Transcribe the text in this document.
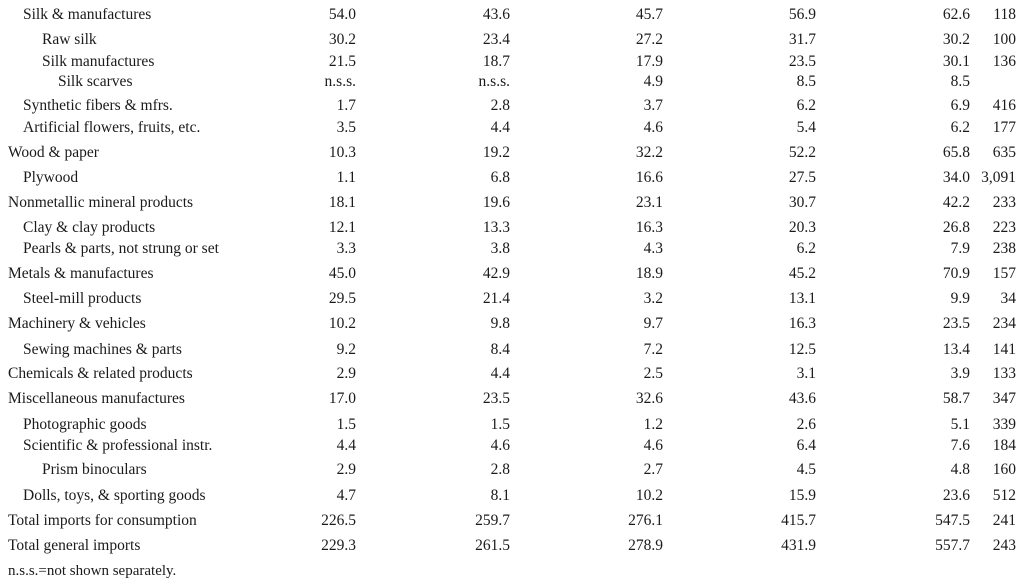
Silk & manufactures	54.0	43.6	45.7	56.9	62.6 118
Raw silk	30.2	23.4	27.2	31.7	30.2 100
Silk manufactures	21.5	18.7	17.9	23.5	30.1 136
Silk scarves	n.s.s.	n.s.s.	4.9	8.5	8.5
Synthetic fibers & mfrs.	1.7	2.8	3.7	6.2	6.9 416
Artificial flowers, fruits, etc.	3.5	4.4	4.6	5.4	6.2 177
Wood & paper	10.3	19.2	32.2	52.2	65.8 635
Plywood	1.1	6.8	16.6	27.5	34.0 3,091
Nonmetallic mineral products	18.1	19.6	23.1	30.7	42.2 233
Clay & clay products	12.1	13.3	16.3	20.3	26.8 223
Pearls & parts, not strung or set	3.3	3.8	4.3	6.2	7.9 238
Metals & manufactures	45.0	42.9	18.9	45.2	70.9 157
Steel-mill products	29.5	21.4	3.2	13.1	9.9 34
Machinery & vehicles	10.2	9.8	9.7	16.3	23.5 234
Sewing machines & parts	9.2	8.4	7.2	12.5	13.4 141
Chemicals & related products	2.9	4.4	2.5	3.1	3.9 133
Miscellaneous manufactures	17.0	23.5	32.6	43.6	58.7 347
Photographic goods	1.5	1.5	1.2	2.6	5.1 339
Scientific & professional instr.	4.4	4.6	4.6	6.4	7.6 184
Prism binoculars	2.9	2.8	2.7	4.5	4.8 160
Dolls, toys, & sporting goods	4.7	8.1	10.2	15.9	23.6 512
Total imports for consumption	226.5	259.7	276.1	415.7	547.5 241
Total general imports	229.3	261.5	278.9	431.9	557.7 243
n.s.s.=not shown separately.
